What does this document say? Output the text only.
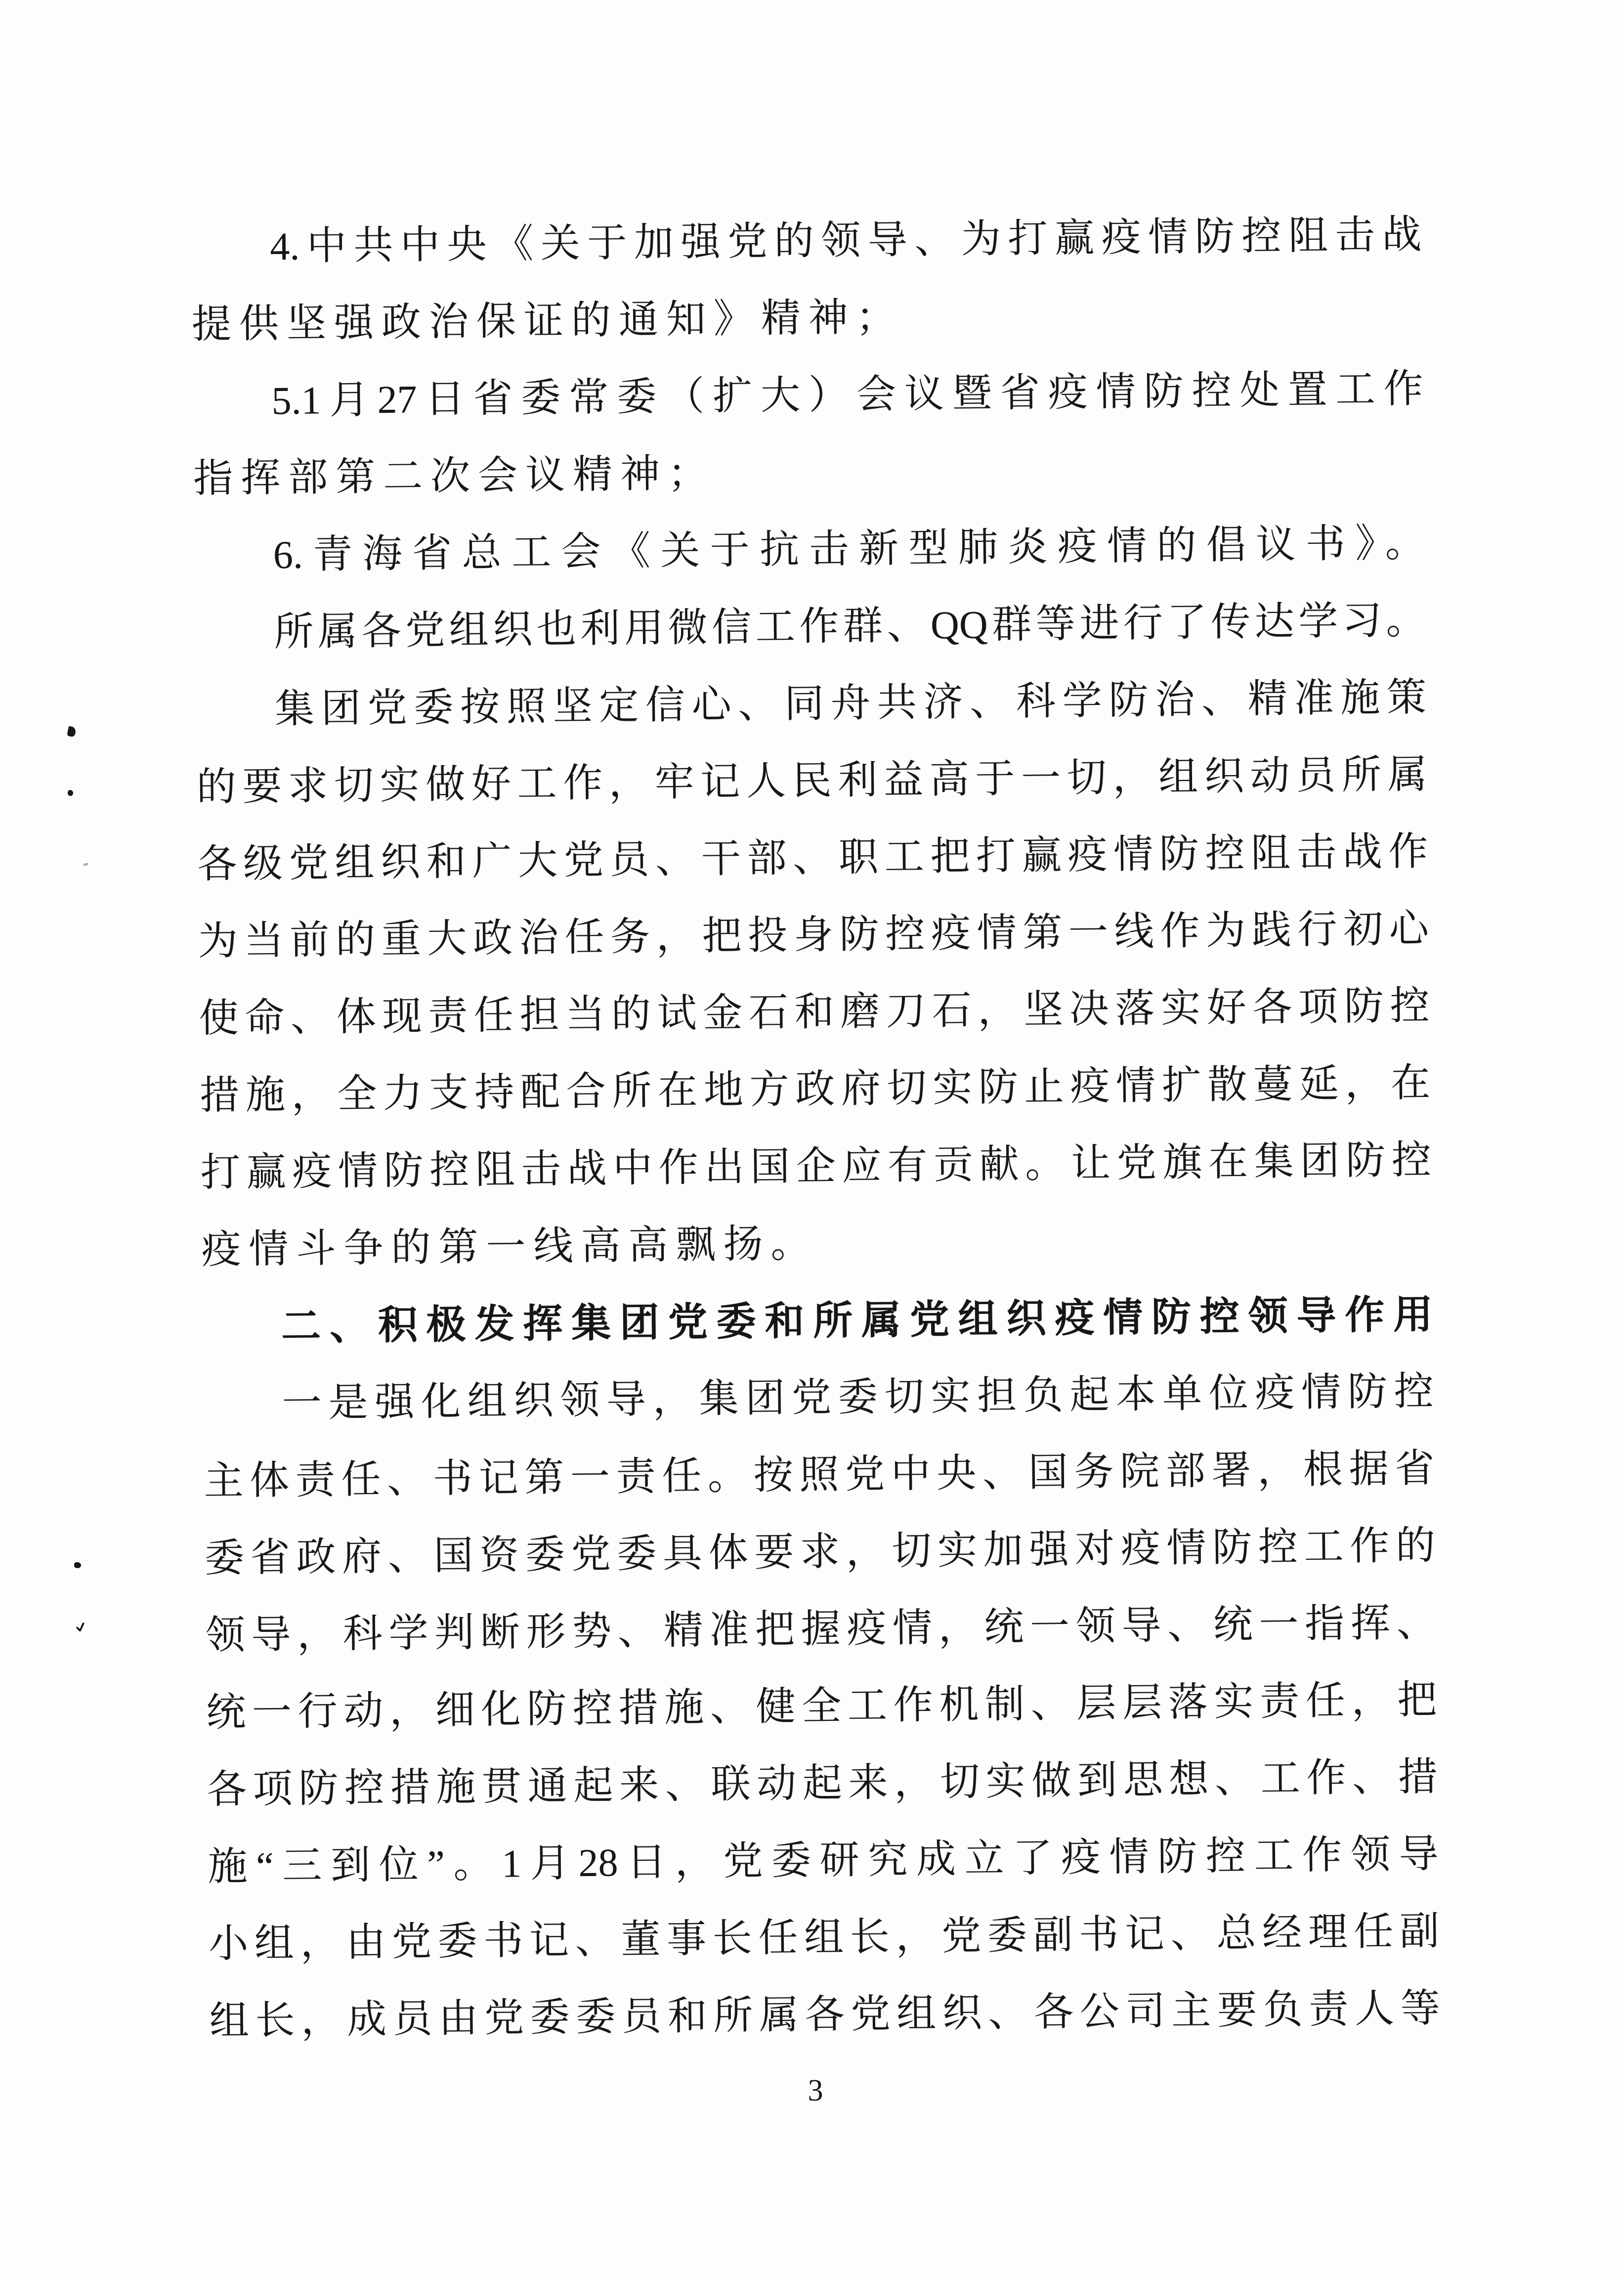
4.中共中央《关于加强党的领导、为打赢疫情防控阻击战
提供坚强政治保证的通知》精神；
5.1月27日省委常委（扩大）会议暨省疫情防控处置工作
指挥部第二次会议精神；
6.青海省总工会《关于抗击新型肺炎疫情的倡议书》。
所属各党组织也利用微信工作群、QQ群等进行了传达学习。
集团党委按照坚定信心、同舟共济、科学防治、精准施策
的要求切实做好工作，牢记人民利益高于一切，组织动员所属
各级党组织和广大党员、干部、职工把打赢疫情防控阻击战作
为当前的重大政治任务，把投身防控疫情第一线作为践行初心
使命、体现责任担当的试金石和磨刀石，坚决落实好各项防控
措施，全力支持配合所在地方政府切实防止疫情扩散蔓延，在
打赢疫情防控阻击战中作出国企应有贡献。让党旗在集团防控
疫情斗争的第一线高高飘扬。
二、积极发挥集团党委和所属党组织疫情防控领导作用
一是强化组织领导，集团党委切实担负起本单位疫情防控
主体责任、书记第一责任。按照党中央、国务院部署，根据省
委省政府、国资委党委具体要求，切实加强对疫情防控工作的
领导，科学判断形势、精准把握疫情，统一领导、统一指挥、
统一行动，细化防控措施、健全工作机制、层层落实责任，把
各项防控措施贯通起来、联动起来，切实做到思想、工作、措
施“三到位”。1月28日，党委研究成立了疫情防控工作领导
小组，由党委书记、董事长任组长，党委副书记、总经理任副
组长，成员由党委委员和所属各党组织、各公司主要负责人等
3
